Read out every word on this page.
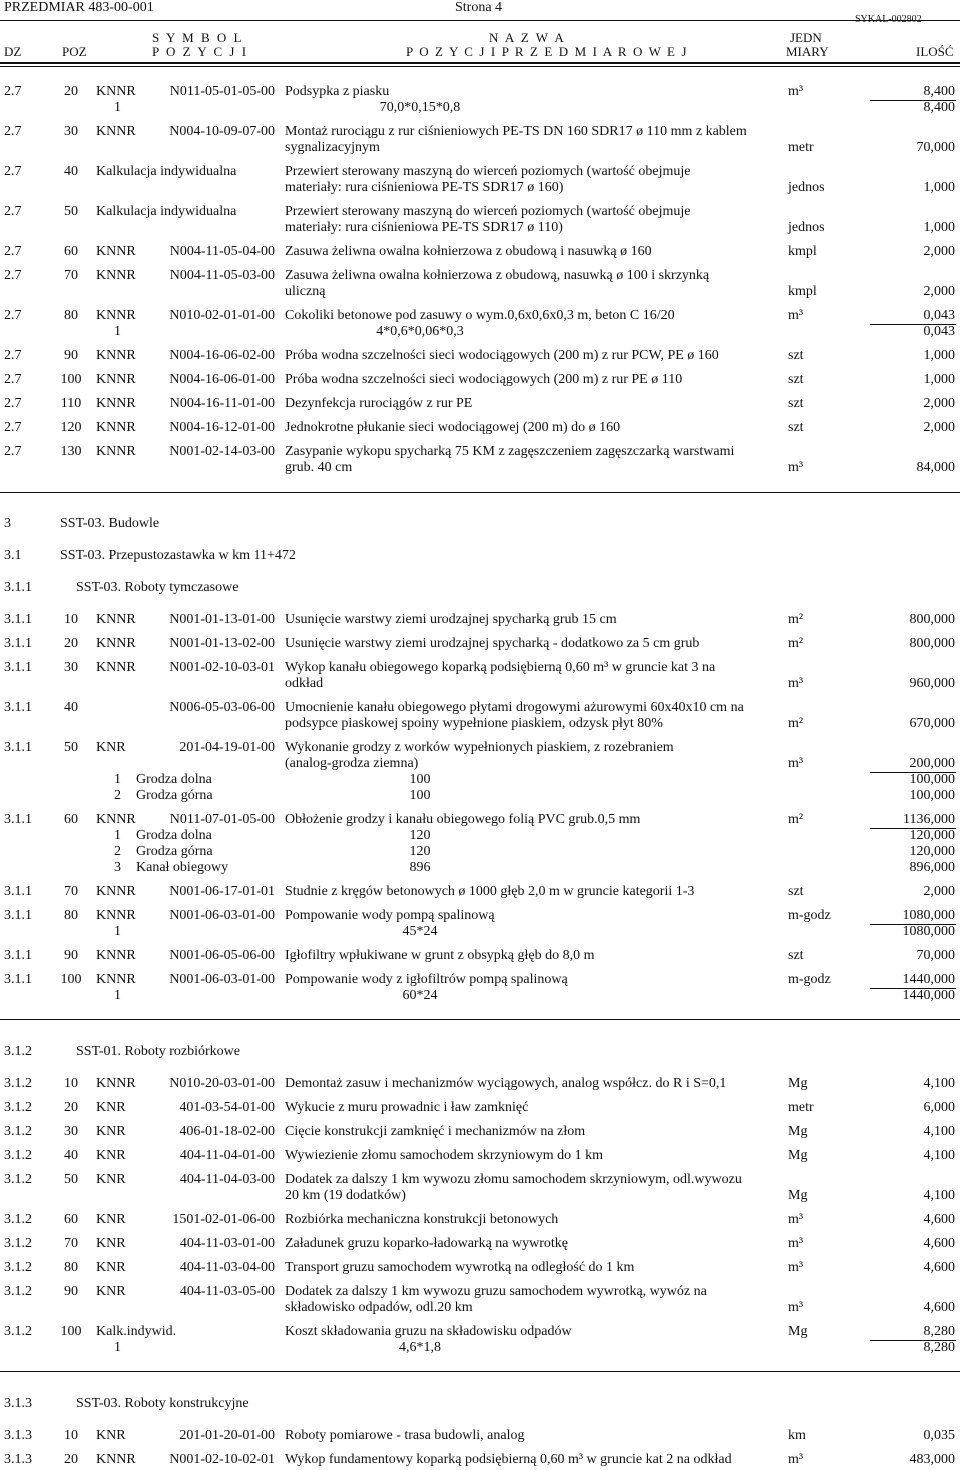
PRZEDMIAR 483-00-001	Strona 4
SYKAL-002802
S Y M B O L
P O Z Y C J I
N A Z W A
P O Z Y C J I P R Z E D M I A R O W E J
JEDN
MIARY
DZ	POZ	ILOŚĆ
2.7	20	KNNR	N011-05-01-05-00 Podsypka z piasku	m³	8,400
1	70,0*0,15*0,8	8,400
2.7	30	KNNR	N004-10-09-07-00 Montaż rurociągu z rur ciśnieniowych PE-TS DN 160 SDR17 ø 110 mm z kablem
sygnalizacyjnym	metr	70,000
2.7	40	Kalkulacja indywidualna	Przewiert sterowany maszyną do wierceń poziomych (wartość obejmuje
materiały: rura ciśnieniowa PE-TS SDR17 ø 160)	jednos	1,000
2.7	50	Kalkulacja indywidualna	Przewiert sterowany maszyną do wierceń poziomych (wartość obejmuje
materiały: rura ciśnieniowa PE-TS SDR17 ø 110)	jednos	1,000
2.7	60	KNNR	N004-11-05-04-00 Zasuwa żeliwna owalna kołnierzowa z obudową i nasuwką ø 160	kmpl	2,000
2.7	70	KNNR	N004-11-05-03-00 Zasuwa żeliwna owalna kołnierzowa z obudową, nasuwką ø 100 i skrzynką
uliczną	kmpl	2,000
2.7	80	KNNR	N010-02-01-01-00 Cokoliki betonowe pod zasuwy o wym.0,6x0,6x0,3 m, beton C 16/20	m³	0,043
1	4*0,6*0,06*0,3	0,043
2.7	90	KNNR	N004-16-06-02-00 Próba wodna szczelności sieci wodociągowych (200 m) z rur PCW, PE ø 160	szt	1,000
2.7	100	KNNR	N004-16-06-01-00 Próba wodna szczelności sieci wodociągowych (200 m) z rur PE ø 110	szt	1,000
2.7	110	KNNR	N004-16-11-01-00 Dezynfekcja rurociągów z rur PE	szt	2,000
2.7	120	KNNR	N004-16-12-01-00 Jednokrotne płukanie sieci wodociągowej (200 m) do ø 160	szt	2,000
2.7	130	KNNR	N001-02-14-03-00 Zasypanie wykopu spycharką 75 KM z zagęszczeniem zagęszczarką warstwami
grub. 40 cm	m³	84,000
3	SST-03. Budowle
3.1	SST-03. Przepustozastawka w km 11+472
3.1.1	SST-03. Roboty tymczasowe
3.1.1	10	KNNR	N001-01-13-01-00 Usunięcie warstwy ziemi urodzajnej spycharką grub 15 cm	m²	800,000
3.1.1	20	KNNR	N001-01-13-02-00 Usunięcie warstwy ziemi urodzajnej spycharką - dodatkowo za 5 cm grub	m²	800,000
3.1.1	30	KNNR	N001-02-10-03-01 Wykop kanału obiegowego koparką podsiębierną 0,60 m³ w gruncie kat 3 na
odkład	m³	960,000
3.1.1	40	N006-05-03-06-00 Umocnienie kanału obiegowego płytami drogowymi ażurowymi 60x40x10 cm na
podsypce piaskowej spoiny wypełnione piaskiem, odzysk płyt 80%	m²	670,000
3.1.1	50	KNR	201-04-19-01-00 Wykonanie grodzy z worków wypełnionych piaskiem, z rozebraniem
(analog-grodza ziemna)	m³	200,000
1 Grodza dolna	100	100,000
2 Grodza górna	100	100,000
3.1.1	60	KNNR	N011-07-01-05-00 Obłożenie grodzy i kanału obiegowego folią PVC grub.0,5 mm	m²	1136,000
1 Grodza dolna	120	120,000
2 Grodza górna	120	120,000
3 Kanał obiegowy	896	896,000
3.1.1	70	KNNR	N001-06-17-01-01 Studnie z kręgów betonowych ø 1000 głęb 2,0 m w gruncie kategorii 1-3	szt	2,000
3.1.1	80	KNNR	N001-06-03-01-00 Pompowanie wody pompą spalinową	m-godz	1080,000
1	45*24	1080,000
3.1.1	90	KNNR	N001-06-05-06-00 Igłofiltry wpłukiwane w grunt z obsypką głęb do 8,0 m	szt	70,000
3.1.1	100	KNNR	N001-06-03-01-00 Pompowanie wody z igłofiltrów pompą spalinową	m-godz	1440,000
1	60*24	1440,000
3.1.2	SST-01. Roboty rozbiórkowe
3.1.2	10	KNNR	N010-20-03-01-00 Demontaż zasuw i mechanizmów wyciągowych, analog współcz. do R i S=0,1	Mg	4,100
3.1.2	20	KNR	401-03-54-01-00 Wykucie z muru prowadnic i ław zamknięć	metr	6,000
3.1.2	30	KNR	406-01-18-02-00 Cięcie konstrukcji zamknięć i mechanizmów na złom	Mg	4,100
3.1.2	40	KNR	404-11-04-01-00 Wywiezienie złomu samochodem skrzyniowym do 1 km	Mg	4,100
3.1.2	50	KNR	404-11-04-03-00 Dodatek za dalszy 1 km wywozu złomu samochodem skrzyniowym, odl.wywozu
20 km (19 dodatków)	Mg	4,100
3.1.2	60	KNR	1501-02-01-06-00 Rozbiórka mechaniczna konstrukcji betonowych	m³	4,600
3.1.2	70	KNR	404-11-03-01-00 Załadunek gruzu koparko-ładowarką na wywrotkę	m³	4,600
3.1.2	80	KNR	404-11-03-04-00 Transport gruzu samochodem wywrotką na odległość do 1 km	m³	4,600
3.1.2	90	KNR	404-11-03-05-00 Dodatek za dalszy 1 km wywozu gruzu samochodem wywrotką, wywóz na
składowisko odpadów, odl.20 km	m³	4,600
3.1.2	100	Kalk.indywid.	Koszt składowania gruzu na składowisku odpadów	Mg	8,280
1	4,6*1,8	8,280
3.1.3	SST-03. Roboty konstrukcyjne
3.1.3	10	KNR	201-01-20-01-00 Roboty pomiarowe - trasa budowli, analog	km	0,035
3.1.3	20	KNNR	N001-02-10-02-01 Wykop fundamentowy koparką podsiębierną 0,60 m³ w gruncie kat 2 na odkład	m³	483,000
